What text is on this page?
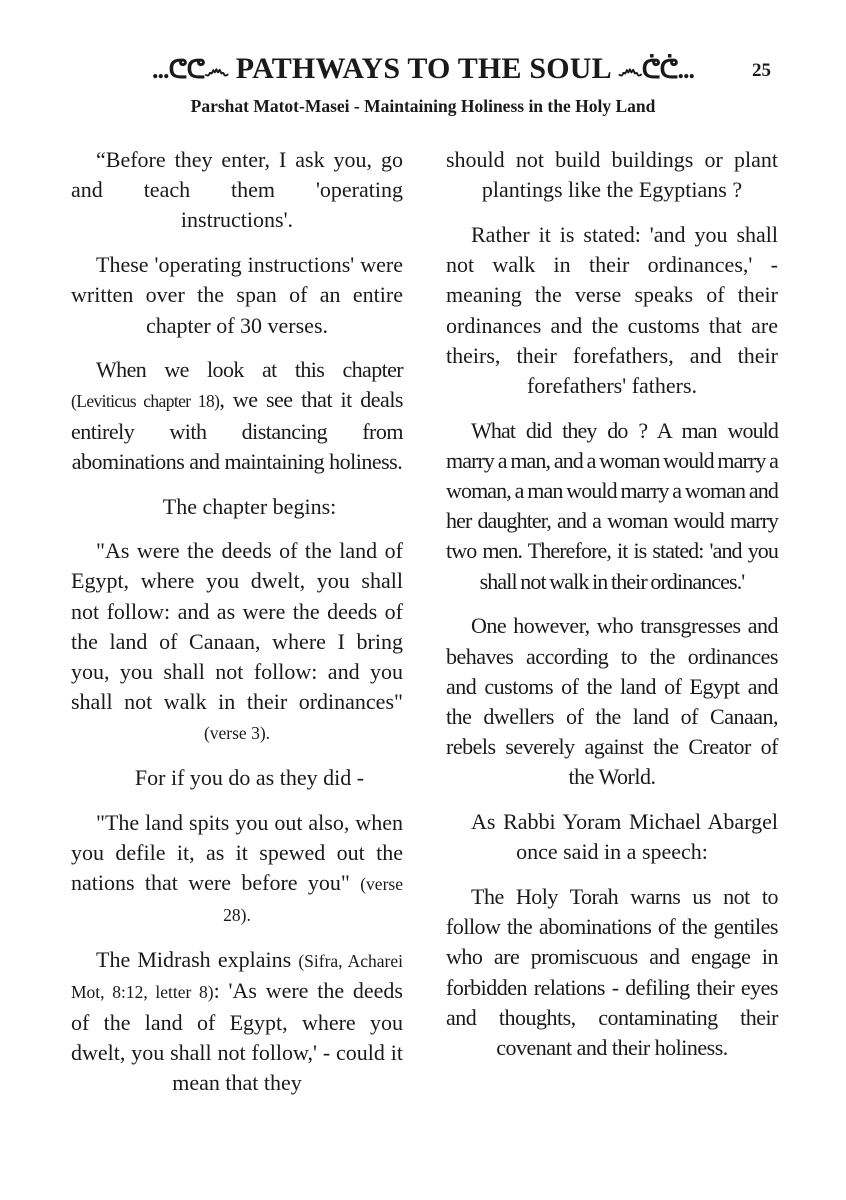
...ᕦᕦ෴ PATHWAYS TO THE SOUL ෴ᕧᕧ...	25
Parshat Matot-Masei - Maintaining Holiness in the Holy Land

“Before they enter, I ask you, go and teach them 'operating instructions'.

These 'operating instructions' were written over the span of an entire chapter of 30 verses.

When we look at this chapter (Leviticus chapter 18), we see that it deals entirely with distancing from abominations and maintaining holiness.

The chapter begins:

"As were the deeds of the land of Egypt, where you dwelt, you shall not follow: and as were the deeds of the land of Canaan, where I bring you, you shall not follow: and you shall not walk in their ordinances" (verse 3).

For if you do as they did -

"The land spits you out also, when you defile it, as it spewed out the nations that were before you" (verse 28).

The Midrash explains (Sifra, Acharei Mot, 8:12, letter 8): 'As were the deeds of the land of Egypt, where you dwelt, you shall not follow,' - could it mean that they

should not build buildings or plant plantings like the Egyptians ?

Rather it is stated: 'and you shall not walk in their ordinances,' - meaning the verse speaks of their ordinances and the customs that are theirs, their forefathers, and their forefathers' fathers.

What did they do ? A man would marry a man, and a woman would marry a woman, a man would marry a woman and her daughter, and a woman would marry two men. Therefore, it is stated: 'and you shall not walk in their ordinances.'

One however, who transgresses and behaves according to the ordinances and customs of the land of Egypt and the dwellers of the land of Canaan, rebels severely against the Creator of the World.

As Rabbi Yoram Michael Abargel once said in a speech:

The Holy Torah warns us not to follow the abominations of the gentiles who are promiscuous and engage in forbidden relations - defiling their eyes and thoughts, contaminating their covenant and their holiness.
